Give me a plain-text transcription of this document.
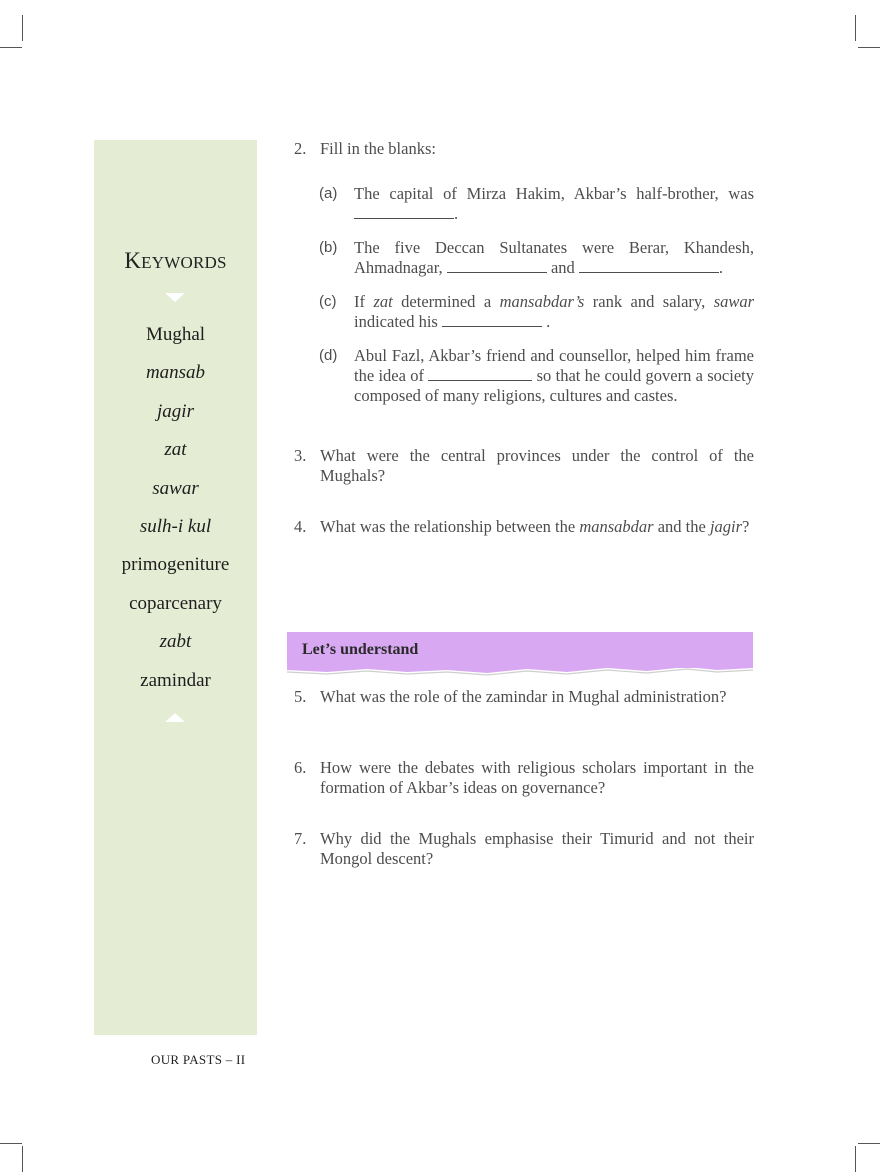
KEYWORDS
Mughal
mansab
jagir
zat
sawar
sulh-i kul
primogeniture
coparcenary
zabt
zamindar
OUR PASTS – II
2. Fill in the blanks:
(a) The capital of Mirza Hakim, Akbar’s half-brother, was .
(b) The five Deccan Sultanates were Berar, Khandesh, Ahmadnagar,	and	.
(c) If zat determined a mansabdar’s rank and salary, sawar indicated his	.
(d) Abul Fazl, Akbar’s friend and counsellor, helped him frame the idea of	so that he could govern a society composed of many religions, cultures and castes.
3. What were the central provinces under the control of the Mughals?
4. What was the relationship between the mansabdar and the jagir?
Let’s understand
5. What was the role of the zamindar in Mughal administration?
6. How were the debates with religious scholars important in the formation of Akbar’s ideas on governance?
7. Why did the Mughals emphasise their Timurid and not their Mongol descent?
